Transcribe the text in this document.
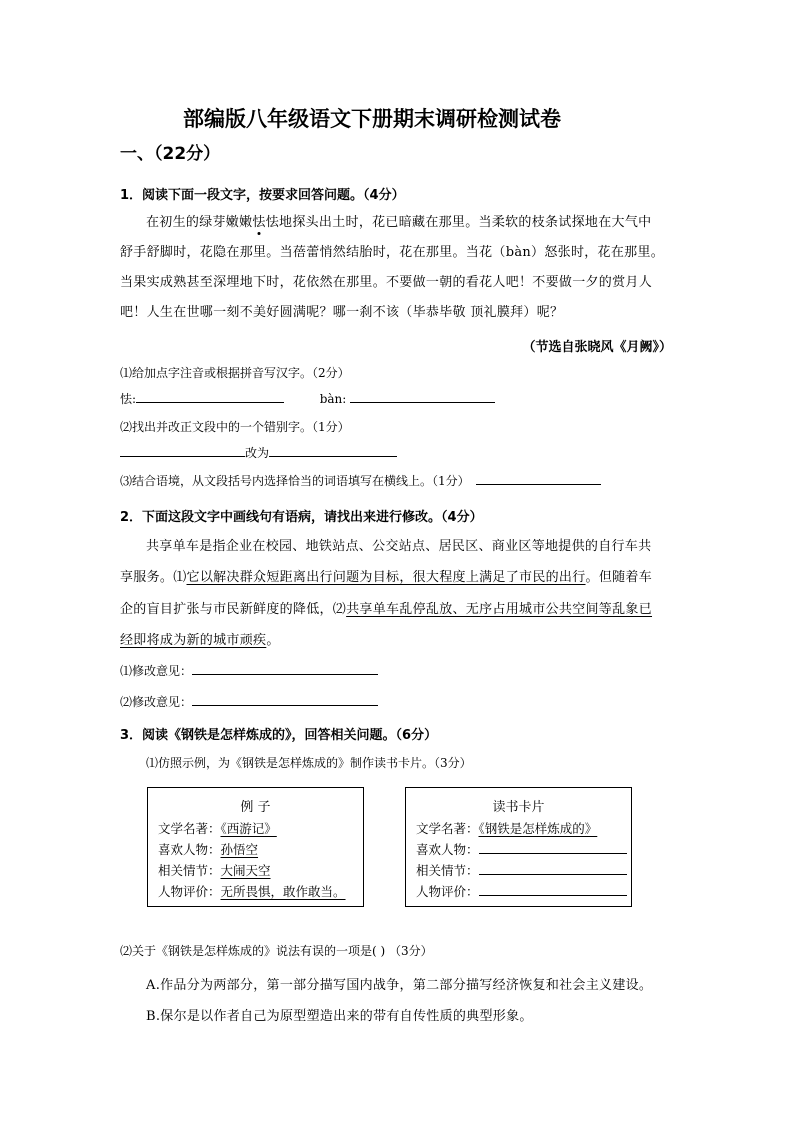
部编版八年级语文下册期末调研检测试卷
一、（22分）
1．阅读下面一段文字，按要求回答问题。（4分）
在初生的绿芽嫩嫩怯怯地探头出土时，花已暗藏在那里。当柔软的枝条试探地在大气中
舒手舒脚时，花隐在那里。当蓓蕾悄然结胎时，花在那里。当花（bàn）怒张时，花在那里。
当果实成熟甚至深埋地下时，花依然在那里。不要做一朝的看花人吧！不要做一夕的赏月人
吧！人生在世哪一刻不美好圆满呢？哪一刹不该（毕恭毕敬 顶礼膜拜）呢？
（节选自张晓风《月阙》）
⑴给加点字注音或根据拼音写汉字。（2分）
怯:	bàn:
⑵找出并改正文段中的一个错别字。（1分）
改为
⑶结合语境，从文段括号内选择恰当的词语填写在横线上。（1分）
2．下面这段文字中画线句有语病，请找出来进行修改。（4分）
共享单车是指企业在校园、地铁站点、公交站点、居民区、商业区等地提供的自行车共
享服务。⑴它以解决群众短距离出行问题为目标，很大程度上满足了市民的出行。但随着车
企的盲目扩张与市民新鲜度的降低，⑵共享单车乱停乱放、无序占用城市公共空间等乱象已
经即将成为新的城市顽疾。
⑴修改意见：
⑵修改意见：
3．阅读《钢铁是怎样炼成的》，回答相关问题。（6分）
⑴仿照示例，为《钢铁是怎样炼成的》制作读书卡片。（3分）
例 子
文学名著：《西游记》
喜欢人物：孙悟空
相关情节：大闹天空
人物评价：无所畏惧，敢作敢当。
读书卡片
文学名著：《钢铁是怎样炼成的》
喜欢人物：
相关情节：
人物评价：
⑵关于《钢铁是怎样炼成的》说法有误的一项是( ) （3分）
A.作品分为两部分，第一部分描写国内战争，第二部分描写经济恢复和社会主义建设。
B.保尔是以作者自己为原型塑造出来的带有自传性质的典型形象。
